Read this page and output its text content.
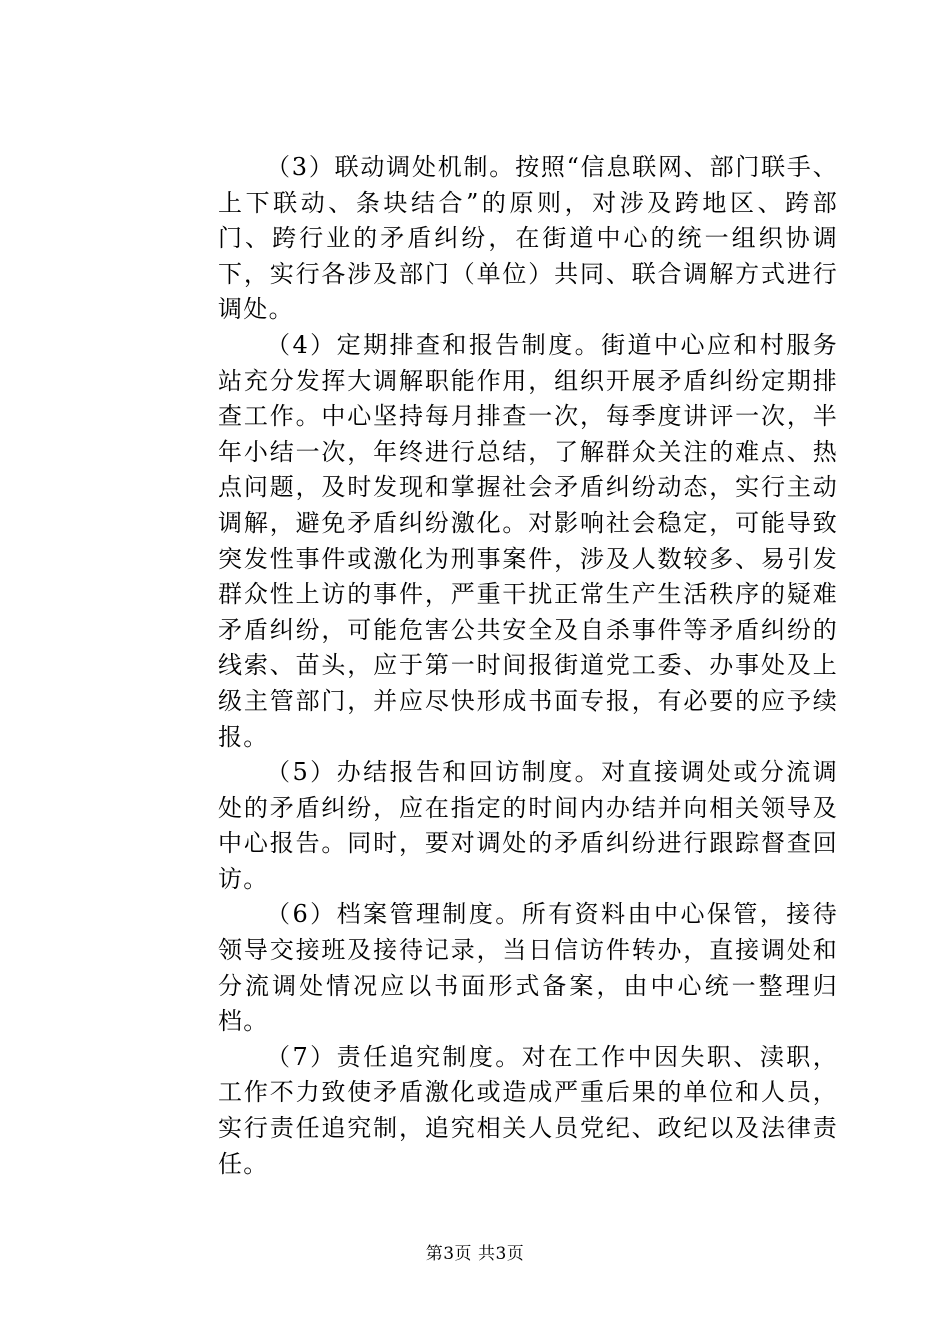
（3）联动调处机制。按照“信息联网、部门联手、上下联动、条块结合”的原则，对涉及跨地区、跨部门、跨行业的矛盾纠纷，在街道中心的统一组织协调下，实行各涉及部门（单位）共同、联合调解方式进行调处。

（4）定期排查和报告制度。街道中心应和村服务站充分发挥大调解职能作用，组织开展矛盾纠纷定期排查工作。中心坚持每月排查一次，每季度讲评一次，半年小结一次，年终进行总结，了解群众关注的难点、热点问题，及时发现和掌握社会矛盾纠纷动态，实行主动调解，避免矛盾纠纷激化。对影响社会稳定，可能导致突发性事件或激化为刑事案件，涉及人数较多、易引发群众性上访的事件，严重干扰正常生产生活秩序的疑难矛盾纠纷，可能危害公共安全及自杀事件等矛盾纠纷的线索、苗头，应于第一时间报街道党工委、办事处及上级主管部门，并应尽快形成书面专报，有必要的应予续报。

（5）办结报告和回访制度。对直接调处或分流调处的矛盾纠纷，应在指定的时间内办结并向相关领导及中心报告。同时，要对调处的矛盾纠纷进行跟踪督查回访。

（6）档案管理制度。所有资料由中心保管，接待领导交接班及接待记录，当日信访件转办，直接调处和分流调处情况应以书面形式备案，由中心统一整理归档。

（7）责任追究制度。对在工作中因失职、渎职，工作不力致使矛盾激化或造成严重后果的单位和人员，实行责任追究制，追究相关人员党纪、政纪以及法律责任。

第3页 共3页
